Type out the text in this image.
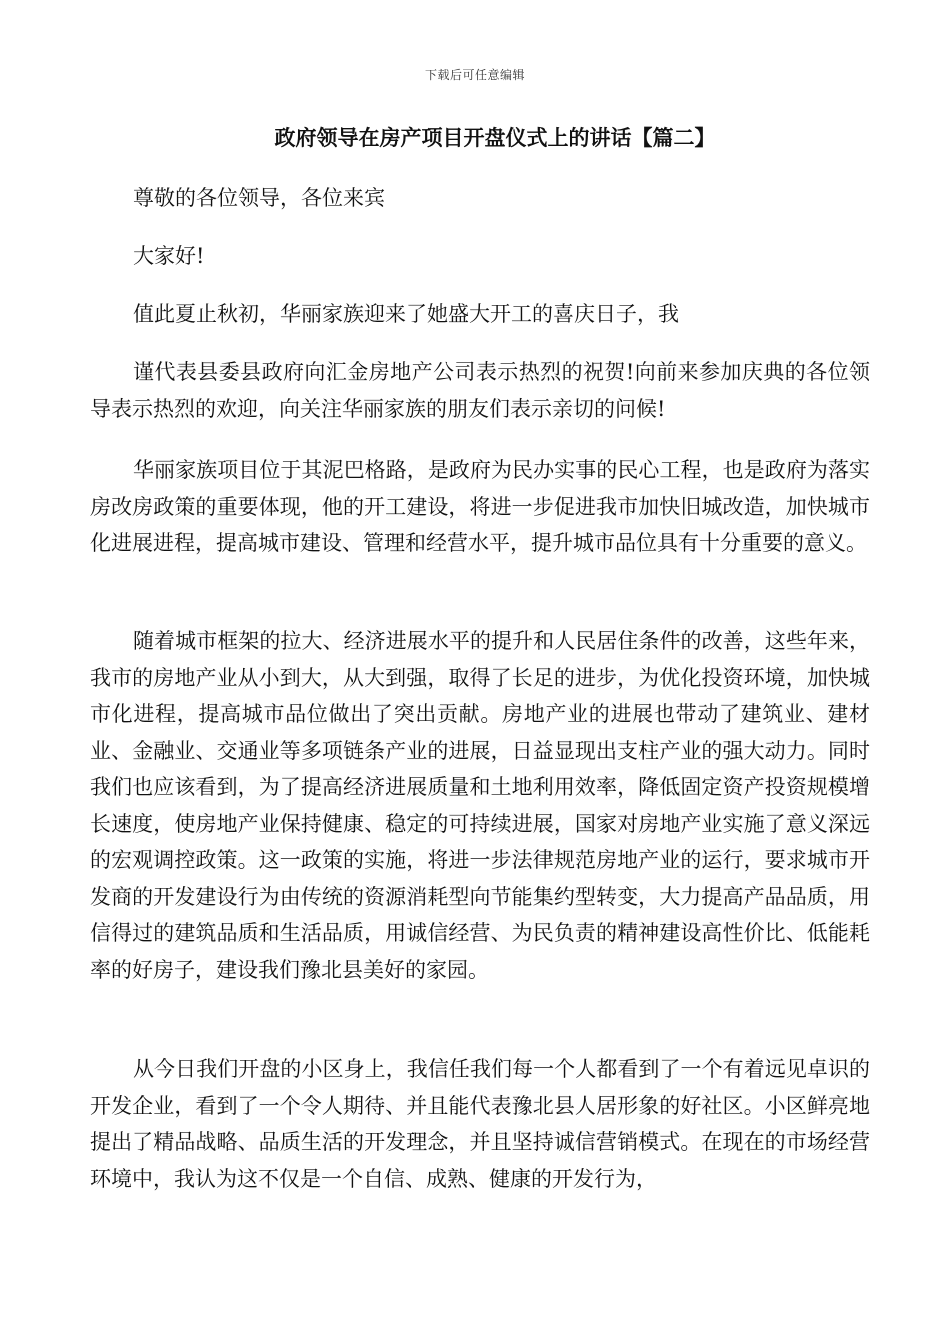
下载后可任意编辑
政府领导在房产项目开盘仪式上的讲话【篇二】

尊敬的各位领导，各位来宾

大家好!

值此夏止秋初，华丽家族迎来了她盛大开工的喜庆日子，我

谨代表县委县政府向汇金房地产公司表示热烈的祝贺!向前来参加庆典的各位领导表示热烈的欢迎，向关注华丽家族的朋友们表示亲切的问候!

华丽家族项目位于其泥巴格路，是政府为民办实事的民心工程，也是政府为落实房改房政策的重要体现，他的开工建设，将进一步促进我市加快旧城改造，加快城市化进展进程，提高城市建设、管理和经营水平，提升城市品位具有十分重要的意义。

随着城市框架的拉大、经济进展水平的提升和人民居住条件的改善，这些年来，我市的房地产业从小到大，从大到强，取得了长足的进步，为优化投资环境，加快城市化进程，提高城市品位做出了突出贡献。房地产业的进展也带动了建筑业、建材业、金融业、交通业等多项链条产业的进展，日益显现出支柱产业的强大动力。同时我们也应该看到，为了提高经济进展质量和土地利用效率，降低固定资产投资规模增长速度，使房地产业保持健康、稳定的可持续进展，国家对房地产业实施了意义深远的宏观调控政策。这一政策的实施，将进一步法律规范房地产业的运行，要求城市开发商的开发建设行为由传统的资源消耗型向节能集约型转变，大力提高产品品质，用信得过的建筑品质和生活品质，用诚信经营、为民负责的精神建设高性价比、低能耗率的好房子，建设我们豫北县美好的家园。

从今日我们开盘的小区身上，我信任我们每一个人都看到了一个有着远见卓识的开发企业，看到了一个令人期待、并且能代表豫北县人居形象的好社区。小区鲜亮地提出了精品战略、品质生活的开发理念，并且坚持诚信营销模式。在现在的市场经营环境中，我认为这不仅是一个自信、成熟、健康的开发行为，
